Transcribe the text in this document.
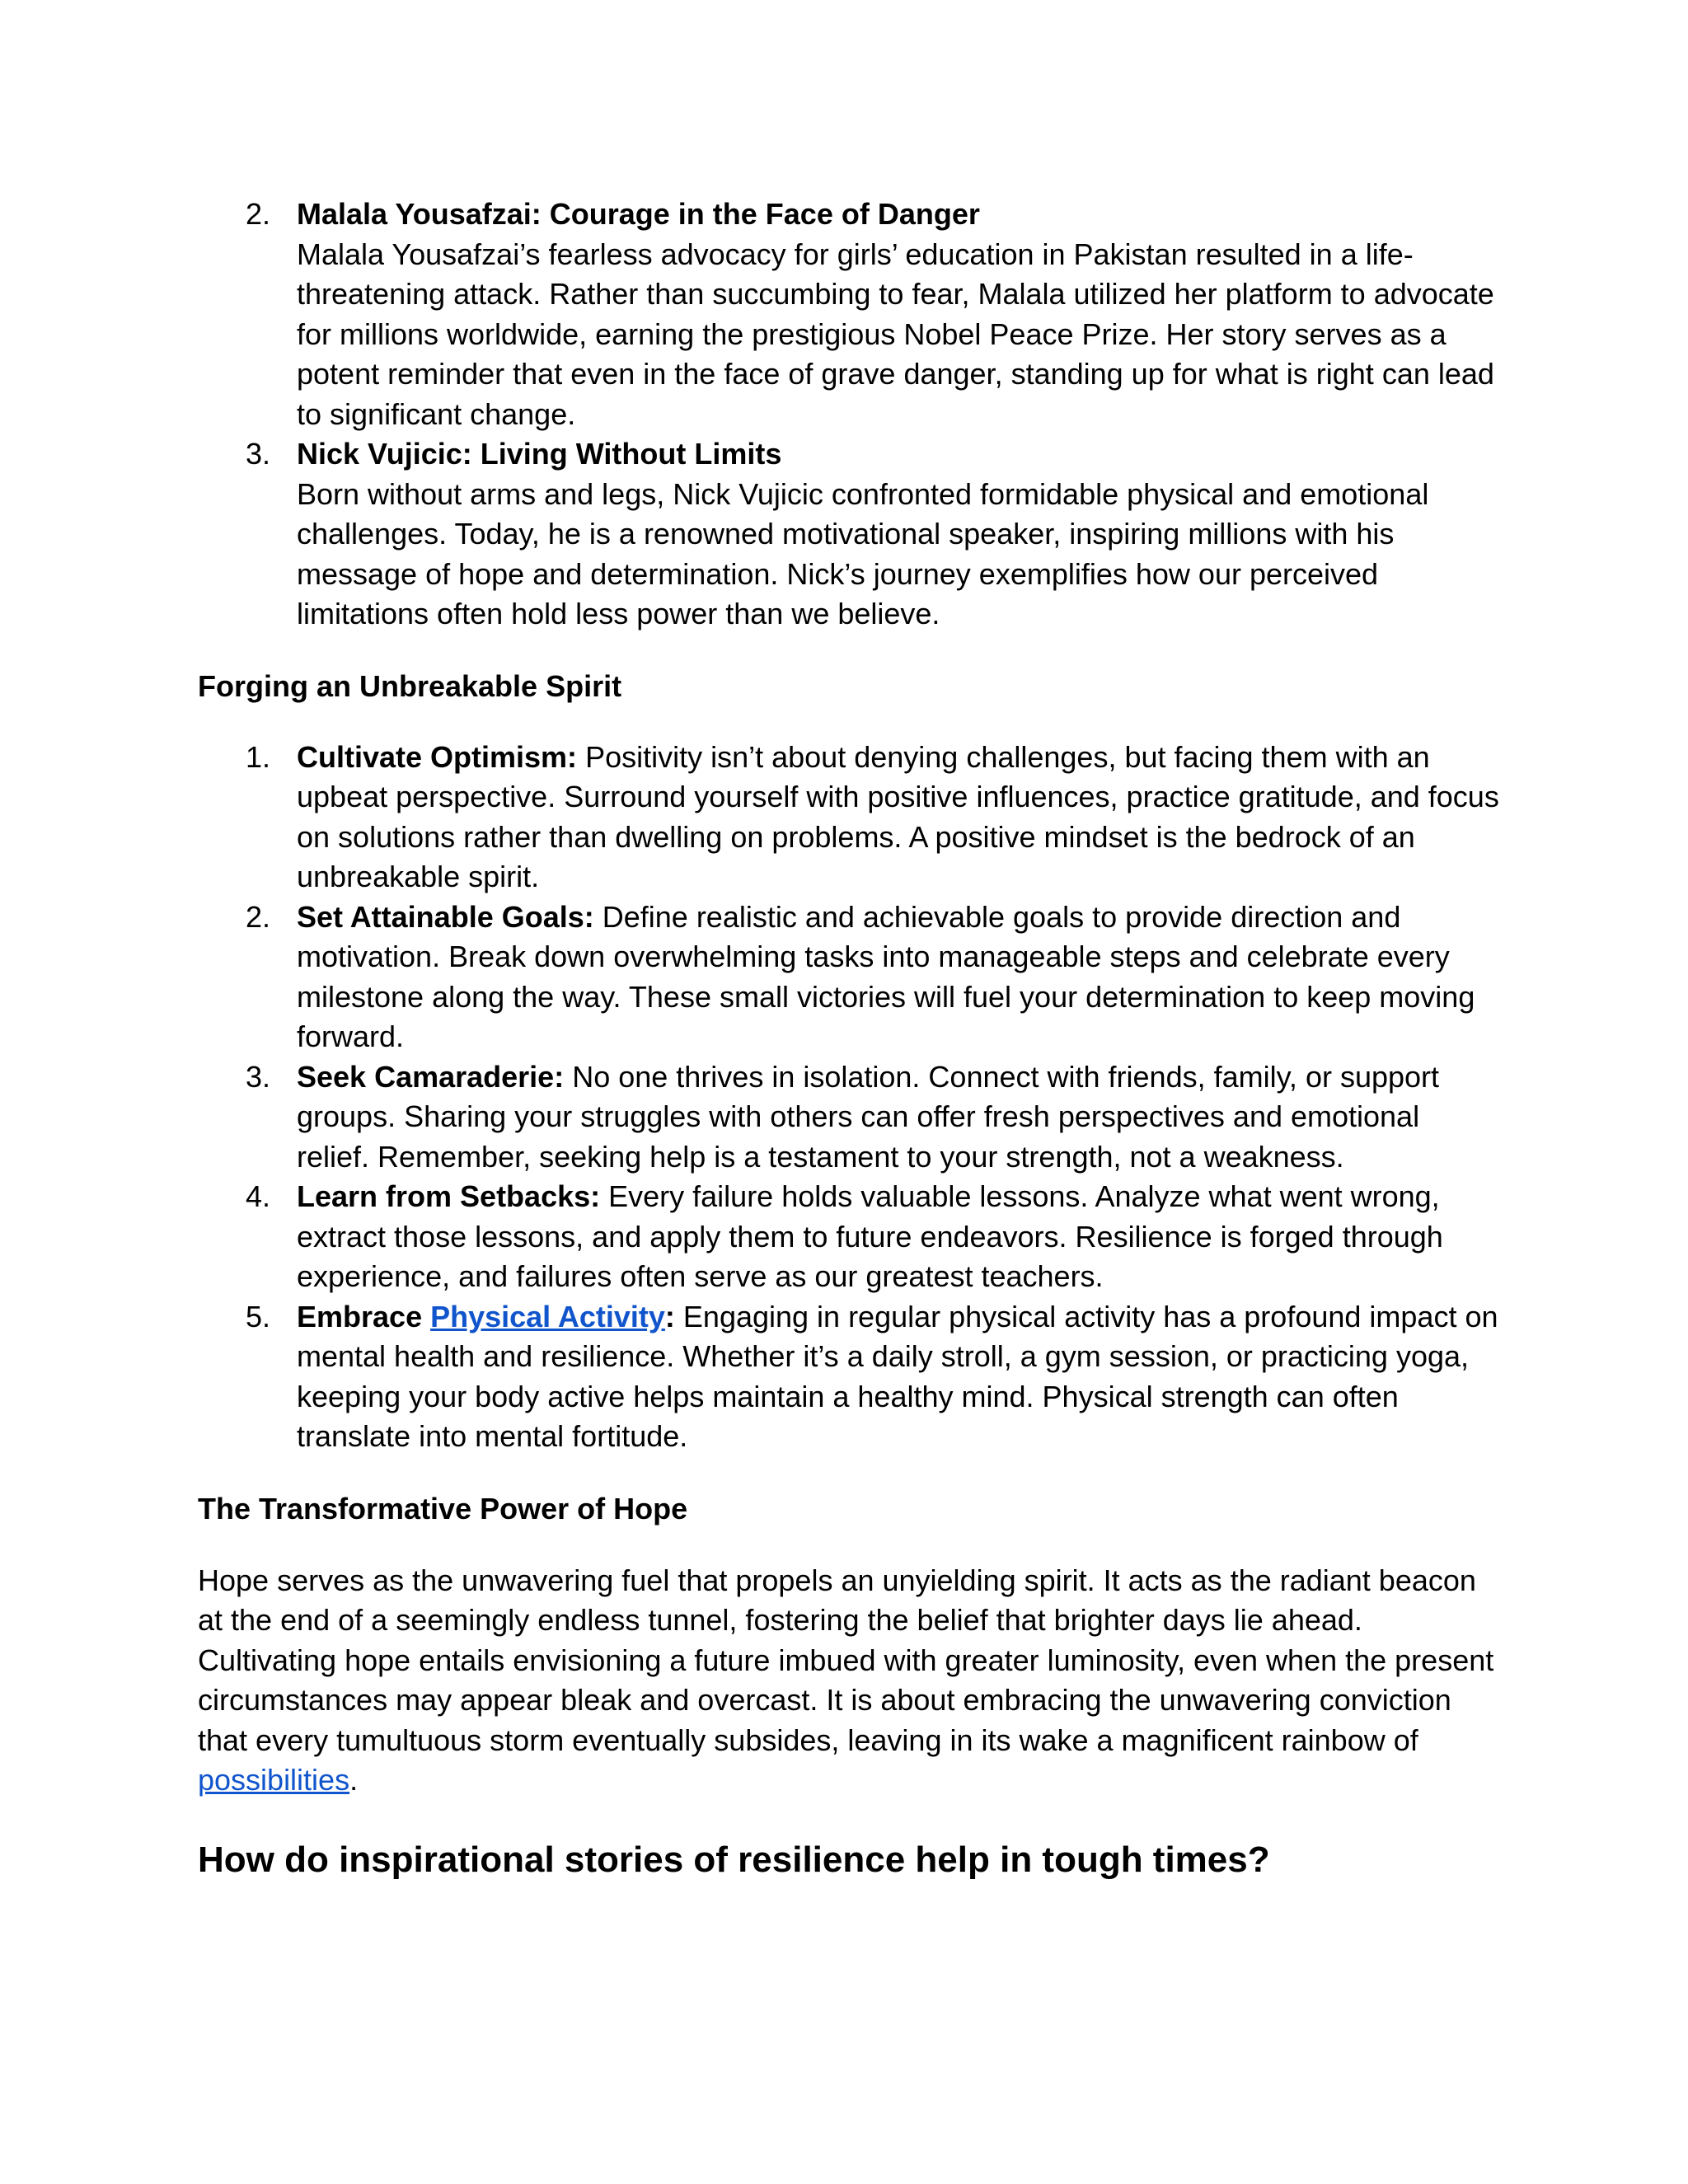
2. Malala Yousafzai: Courage in the Face of Danger
Malala Yousafzai’s fearless advocacy for girls’ education in Pakistan resulted in a life-threatening attack. Rather than succumbing to fear, Malala utilized her platform to advocate for millions worldwide, earning the prestigious Nobel Peace Prize. Her story serves as a potent reminder that even in the face of grave danger, standing up for what is right can lead to significant change.
3. Nick Vujicic: Living Without Limits
Born without arms and legs, Nick Vujicic confronted formidable physical and emotional challenges. Today, he is a renowned motivational speaker, inspiring millions with his message of hope and determination. Nick’s journey exemplifies how our perceived limitations often hold less power than we believe.
Forging an Unbreakable Spirit
1. Cultivate Optimism: Positivity isn’t about denying challenges, but facing them with an upbeat perspective. Surround yourself with positive influences, practice gratitude, and focus on solutions rather than dwelling on problems. A positive mindset is the bedrock of an unbreakable spirit.
2. Set Attainable Goals: Define realistic and achievable goals to provide direction and motivation. Break down overwhelming tasks into manageable steps and celebrate every milestone along the way. These small victories will fuel your determination to keep moving forward.
3. Seek Camaraderie: No one thrives in isolation. Connect with friends, family, or support groups. Sharing your struggles with others can offer fresh perspectives and emotional relief. Remember, seeking help is a testament to your strength, not a weakness.
4. Learn from Setbacks: Every failure holds valuable lessons. Analyze what went wrong, extract those lessons, and apply them to future endeavors. Resilience is forged through experience, and failures often serve as our greatest teachers.
5. Embrace Physical Activity: Engaging in regular physical activity has a profound impact on mental health and resilience. Whether it’s a daily stroll, a gym session, or practicing yoga, keeping your body active helps maintain a healthy mind. Physical strength can often translate into mental fortitude.
The Transformative Power of Hope

Hope serves as the unwavering fuel that propels an unyielding spirit. It acts as the radiant beacon at the end of a seemingly endless tunnel, fostering the belief that brighter days lie ahead. Cultivating hope entails envisioning a future imbued with greater luminosity, even when the present circumstances may appear bleak and overcast. It is about embracing the unwavering conviction that every tumultuous storm eventually subsides, leaving in its wake a magnificent rainbow of possibilities.

How do inspirational stories of resilience help in tough times?
